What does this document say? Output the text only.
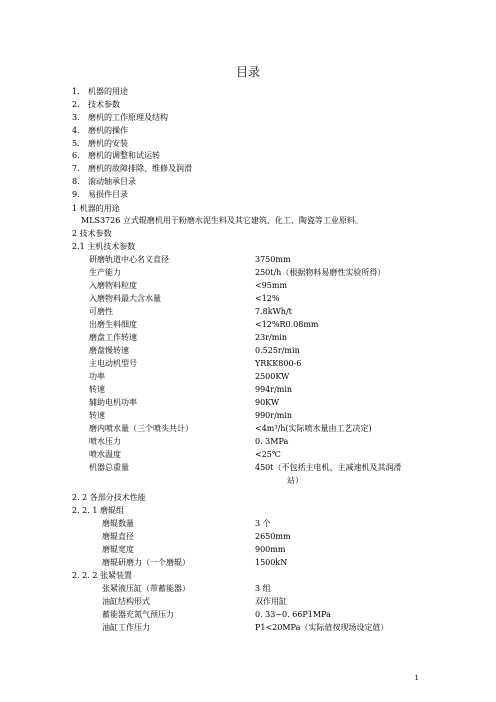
目录
1. 机器的用途
2. 技术参数
3. 磨机的工作原理及结构
4. 磨机的操作
5. 磨机的安装
6. 磨机的调整和试运转
7. 磨机的故障排除、维修及润滑
8. 滚动轴承目录
9. 易损件目录
1 机器的用途
MLS3726 立式辊磨机用于粉磨水泥生料及其它建筑、化工、陶瓷等工业原料。
2 技术参数
2.1 主机技术参数
研磨轨道中心名义直径	3750mm
生产能力	250t/h（根据物料易磨性实验所得）
入磨物料粒度	<95mm
入磨物料最大含水量	<12%
可磨性	7.8kWh/t
出磨生料细度	<12%R0.08mm
磨盘工作转速	23r/min
磨盘慢转速	0.525r/min
主电动机型号	YRKK800-6
功率	2500KW
转速	994r/min
辅助电机功率	90KW
转速	990r/min
磨内喷水量（三个喷头共计）	<4m³/h(实际喷水量由工艺决定)
喷水压力	0. 3MPa
喷水温度	<25℃
机器总重量	450t（不包括主电机、主减速机及其润滑
站）
2. 2 各部分技术性能
2. 2. 1 磨辊组
磨辊数量	3 个
磨辊直径	2650mm
磨辊宽度	900mm
磨辊研磨力（一个磨辊）	1500kN
2. 2. 2 张紧装置
张紧液压缸（带蓄能器）	3 组
油缸结构形式	双作用缸
蓄能器充氮气预压力	0. 33~0. 66P1MPa
油缸工作压力	P1<20MPa（实际值按现场设定值）
1
